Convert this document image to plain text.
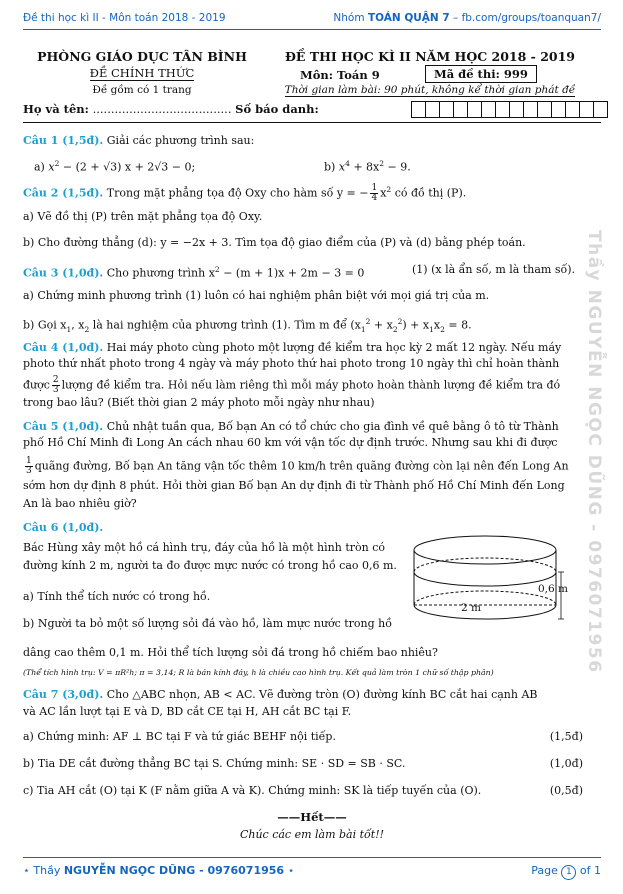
Đề thi học kì II - Môn toán 2018 - 2019	Nhóm TOÁN QUẬN 7 – fb.com/groups/toanquan7/
Thầy NGUYỄN NGỌC DŨNG - 0976071956
PHÒNG GIÁO DỤC TÂN BÌNH
ĐỀ CHÍNH THỨC
Đề gồm có 1 trang
ĐỀ THI HỌC KÌ II NĂM HỌC 2018 - 2019
Môn: Toán 9	Mã đề thi: 999
Thời gian làm bài: 90 phút, không kể thời gian phát đề
Họ và tên: ...................................... Số báo danh:
Câu 1 (1,5đ). Giải các phương trình sau:
a) $x^2 - (2 + √3) x + 2√3 - 0$;	b) $x^4 + 8x^2 - 9$.
Câu 2 (1,5đ). Trong mặt phẳng tọa độ Oxy cho hàm số y = − $\frac{1}{4} x^2$ có đồ thị (P).
a) Vẽ đồ thị (P) trên mặt phẳng tọa độ Oxy.
b) Cho đường thẳng (d): y = −2x + 3. Tìm tọa độ giao điểm của (P) và (d) bằng phép toán.
Câu 3 (1,0đ). Cho phương trình $x^2 - (m + 1)x + 2m - 3 = 0$	(1) (x là ẩn số, m là tham số).
a) Chứng minh phương trình (1) luôn có hai nghiệm phân biệt với mọi giá trị của m.
b) Gọi $x_1$, $x_2$ là hai nghiệm của phương trình (1). Tìm m để $(x_1^2 + x_2^2) + x_1x_2 = 8$.
Câu 4 (1,0đ). Hai máy photo cùng photo một lượng đề kiểm tra học kỳ 2 mất 12 ngày. Nếu máy
photo thứ nhất photo trong 4 ngày và máy photo thứ hai photo trong 10 ngày thì chỉ hoàn thành
được $\frac{2}{3}$ lượng đề kiểm tra. Hỏi nếu làm riêng thì mỗi máy photo hoàn thành lượng đề kiểm tra đó
trong bao lâu? (Biết thời gian 2 máy photo mỗi ngày như nhau)
Câu 5 (1,0đ). Chủ nhật tuần qua, Bố bạn An có tổ chức cho gia đình về quê bằng ô tô từ Thành
phố Hồ Chí Minh đi Long An cách nhau 60 km với vận tốc dự định trước. Nhưng sau khi đi được
$\frac{1}{3}$ quãng đường, Bố bạn An tăng vận tốc thêm 10 km/h trên quãng đường còn lại nên đến Long An
sớm hơn dự định 8 phút. Hỏi thời gian Bố bạn An dự định đi từ Thành phố Hồ Chí Minh đến Long
An là bao nhiêu giờ?
Câu 6 (1,0đ).
Bác Hùng xây một hồ cá hình trụ, đáy của hồ là một hình tròn có
đường kính 2 m, người ta đo được mực nước có trong hồ cao 0,6 m.
a) Tính thể tích nước có trong hồ.
b) Người ta bỏ một số lượng sỏi đá vào hồ, làm mực nước trong hồ
dâng cao thêm 0,1 m. Hỏi thể tích lượng sỏi đá trong hồ chiếm bao nhiêu?
(Thể tích hình trụ: V = πR²h; π = 3,14; R là bán kính đáy, h là chiều cao hình trụ. Kết quả làm tròn 1 chữ số thập phân)
2 m
0,6 m
Câu 7 (3,0đ). Cho △ABC nhọn, AB < AC. Vẽ đường tròn (O) đường kính BC cắt hai cạnh AB
và AC lần lượt tại E và D, BD cắt CE tại H, AH cắt BC tại F.
a) Chứng minh: AF ⊥ BC tại F và tứ giác BEHF nội tiếp.	(1,5đ)
b) Tia DE cắt đường thẳng BC tại S. Chứng minh: SE · SD = SB · SC.	(1,0đ)
c) Tia AH cắt (O) tại K (F nằm giữa A và K). Chứng minh: SK là tiếp tuyến của (O).	(0,5đ)
——Hết——
Chúc các em làm bài tốt!!
⋆ Thầy NGUYỄN NGỌC DŨNG - 0976071956 ⋆	Page 1 of 1
